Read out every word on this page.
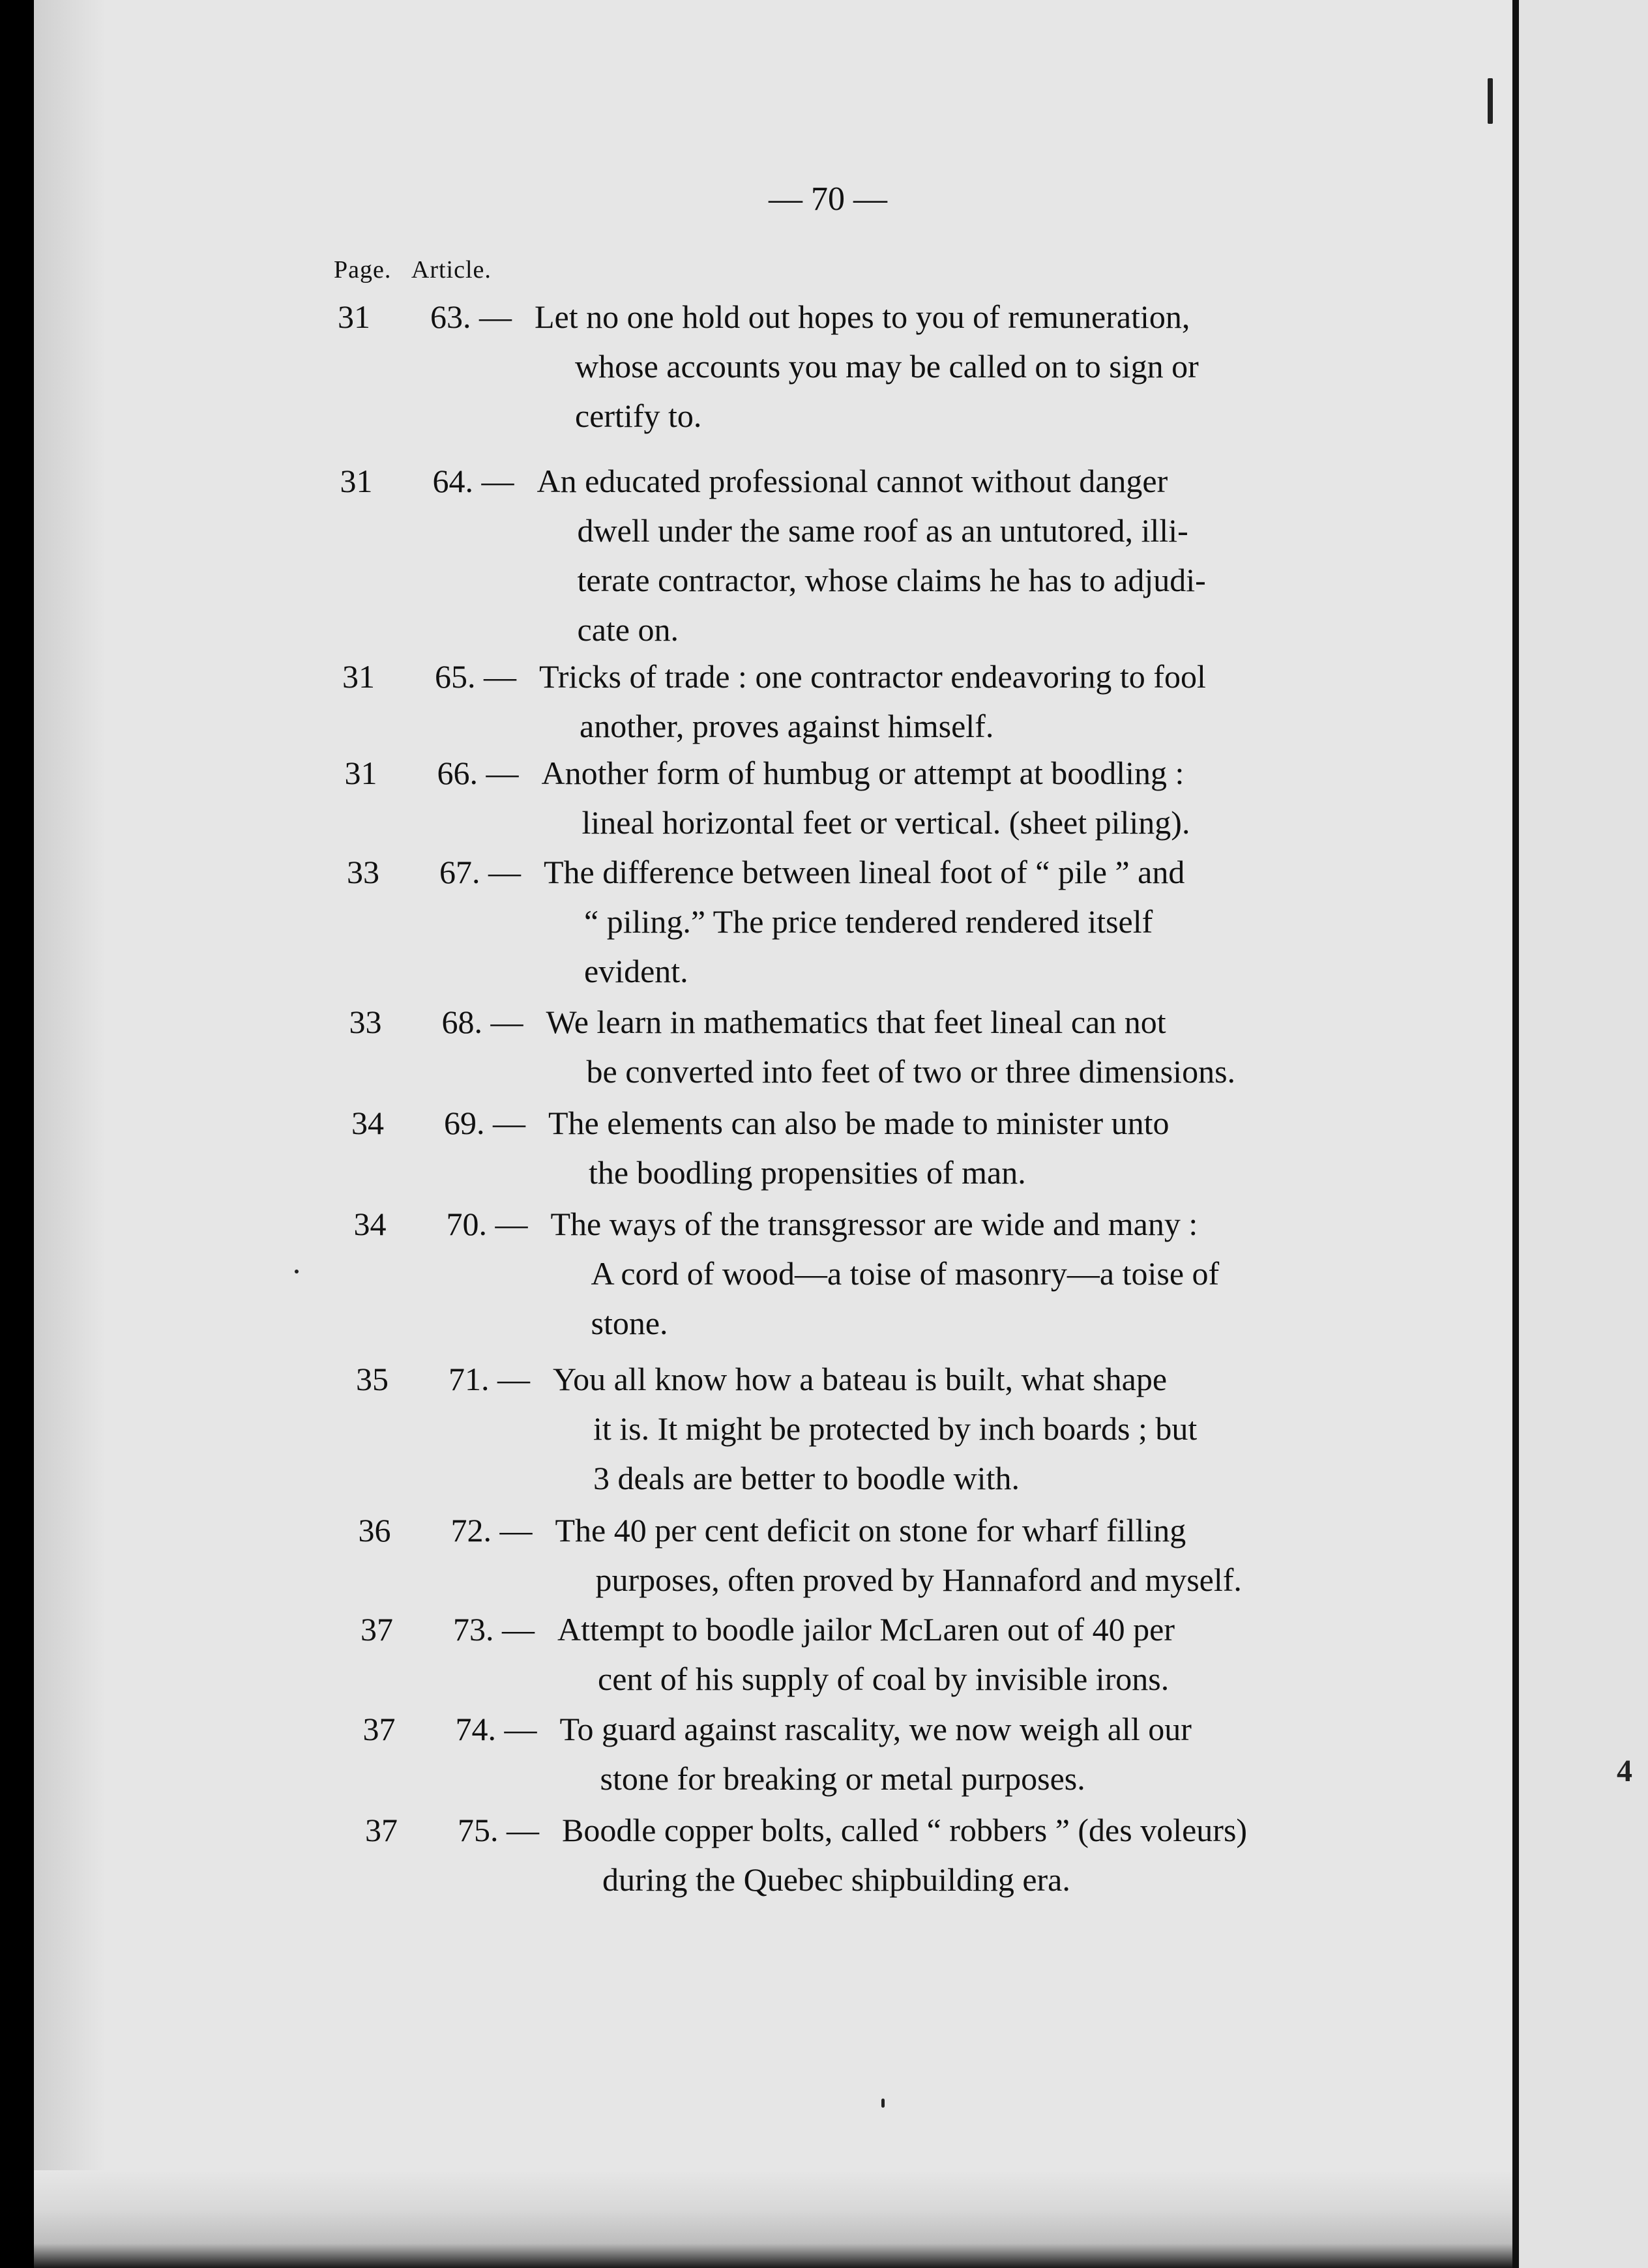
4
— 70 —
Page. Article.
31	63. — Let no one hold out hopes to you of remuneration,
whose accounts you may be called on to sign or
certify to.
31	64. — An educated professional cannot without danger
dwell under the same roof as an untutored, illi-
terate contractor, whose claims he has to adjudi-
cate on.
31	65. — Tricks of trade : one contractor endeavoring to fool
another, proves against himself.
31	66. — Another form of humbug or attempt at boodling :
lineal horizontal feet or vertical. (sheet piling).
33	67. — The difference between lineal foot of “ pile ” and
“ piling.” The price tendered rendered itself
evident.
33	68. — We learn in mathematics that feet lineal can not
be converted into feet of two or three dimensions.
34	69. — The elements can also be made to minister unto
the boodling propensities of man.
34	70. — The ways of the transgressor are wide and many :
A cord of wood—a toise of masonry—a toise of
stone.
35	71. — You all know how a bateau is built, what shape
it is. It might be protected by inch boards ; but
3 deals are better to boodle with.
36	72. — The 40 per cent deficit on stone for wharf filling
purposes, often proved by Hannaford and myself.
37	73. — Attempt to boodle jailor McLaren out of 40 per
cent of his supply of coal by invisible irons.
37	74. — To guard against rascality, we now weigh all our
stone for breaking or metal purposes.
37	75. — Boodle copper bolts, called “ robbers ” (des voleurs)
during the Quebec shipbuilding era.
